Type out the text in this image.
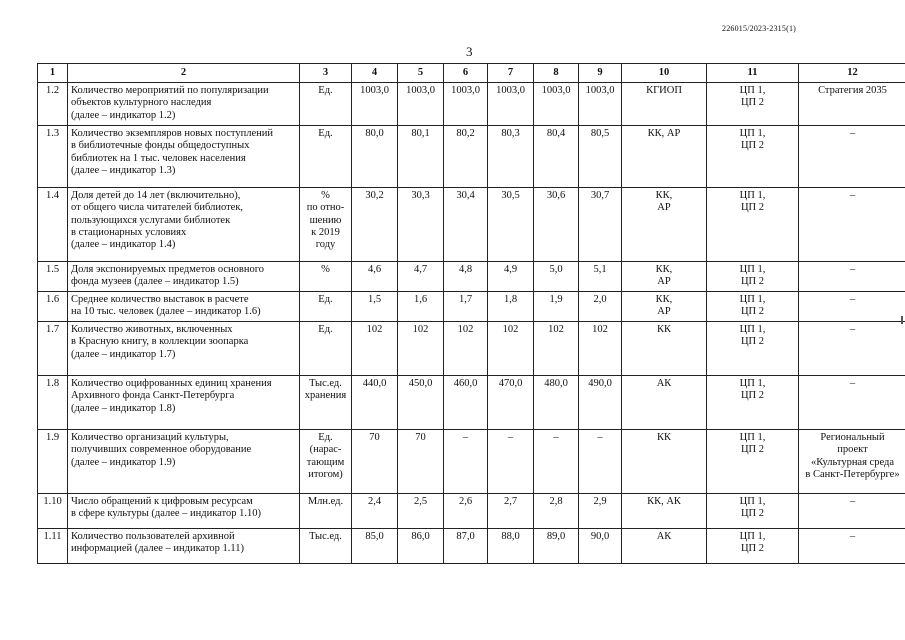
226015/2023-2315(1)
3
1	2	3	4	5	6	7	8	9	10	11	12
1.2	Количество мероприятий по популяризации
объектов культурного наследия
(далее – индикатор 1.2)	Ед.	1003,0	1003,0	1003,0	1003,0	1003,0	1003,0	КГИОП	ЦП 1,
ЦП 2	Стратегия 2035
1.3	Количество экземпляров новых поступлений
в библиотечные фонды общедоступных
библиотек на 1 тыс. человек населения
(далее – индикатор 1.3)	Ед.	80,0	80,1	80,2	80,3	80,4	80,5	КК, АР	ЦП 1,
ЦП 2	–
1.4	Доля детей до 14 лет (включительно),
от общего числа читателей библиотек,
пользующихся услугами библиотек
в стационарных условиях
(далее – индикатор 1.4)	%
по отно-
шению
к 2019
году	30,2	30,3	30,4	30,5	30,6	30,7	КК,
АР	ЦП 1,
ЦП 2	–
1.5	Доля экспонируемых предметов основного
фонда музеев (далее – индикатор 1.5)	%	4,6	4,7	4,8	4,9	5,0	5,1	КК,
АР	ЦП 1,
ЦП 2	–
1.6	Среднее количество выставок в расчете
на 10 тыс. человек (далее – индикатор 1.6)	Ед.	1,5	1,6	1,7	1,8	1,9	2,0	КК,
АР	ЦП 1,
ЦП 2	–
1.7	Количество животных, включенных
в Красную книгу, в коллекции зоопарка
(далее – индикатор 1.7)	Ед.	102	102	102	102	102	102	КК	ЦП 1,
ЦП 2	–
1.8	Количество оцифрованных единиц хранения
Архивного фонда Санкт-Петербурга
(далее – индикатор 1.8)	Тыс.ед.
хранения	440,0	450,0	460,0	470,0	480,0	490,0	АК	ЦП 1,
ЦП 2	–
1.9	Количество организаций культуры,
получивших современное оборудование
(далее – индикатор 1.9)	Ед.
(нарас-
тающим
итогом)	70	70	–	–	–	–	КК	ЦП 1,
ЦП 2	Региональный
проект
«Культурная среда
в Санкт-Петербурге»
1.10	Число обращений к цифровым ресурсам
в сфере культуры (далее – индикатор 1.10)	Млн.ед.	2,4	2,5	2,6	2,7	2,8	2,9	КК, АК	ЦП 1,
ЦП 2	–
1.11	Количество пользователей архивной
информацией (далее – индикатор 1.11)	Тыс.ед.	85,0	86,0	87,0	88,0	89,0	90,0	АК	ЦП 1,
ЦП 2	–
